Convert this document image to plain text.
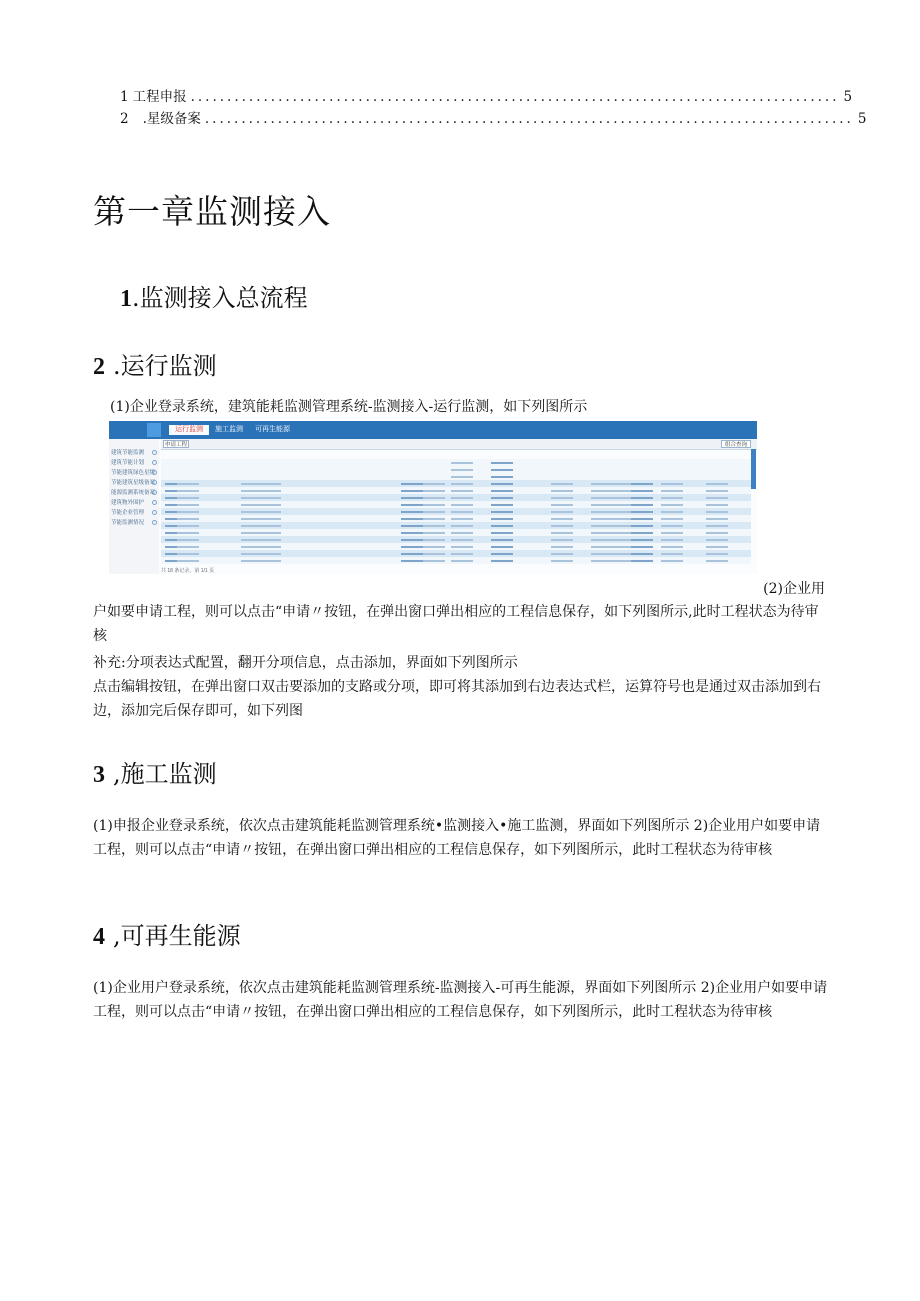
1 工程申报 ......................................................................................... 5
2 .星级备案 ......................................................................................... 5
第一章监测接入
1.监测接入总流程
2 .运行监测

(1)企业登录系统，建筑能耗监测管理系统-监测接入-运行监测，如下列图所示

运行监测	施工监测	可再生能源
建筑节能监测
建筑节能计划
节能建筑绿色星级
节能建筑星级备案
能源监测系统备案
建筑物外围护
节能企业管理
节能监测情况
申请工程	组合查询
共 18 条记录，第 1/1 页
(2)企业用

户如要申请工程，则可以点击“申请〃按钮，在弹出窗口弹出相应的工程信息保存，如下列图所示,此时工程状态为待审核

补充:分项表达式配置，翻开分项信息，点击添加，界面如下列图所示

点击编辑按钮，在弹出窗口双击要添加的支路或分项，即可将其添加到右边表达式栏，运算符号也是通过双击添加到右边，添加完后保存即可，如下列图

3 ,施工监测

(1)申报企业登录系统，依次点击建筑能耗监测管理系统•监测接入•施工监测，界面如下列图所示 2)企业用户如要申请工程，则可以点击“申请〃按钮，在弹出窗口弹出相应的工程信息保存，如下列图所示，此时工程状态为待审核

4 ,可再生能源

(1)企业用户登录系统，依次点击建筑能耗监测管理系统-监测接入-可再生能源，界面如下列图所示 2)企业用户如要申请工程，则可以点击“申请〃按钮，在弹出窗口弹出相应的工程信息保存，如下列图所示，此时工程状态为待审核
